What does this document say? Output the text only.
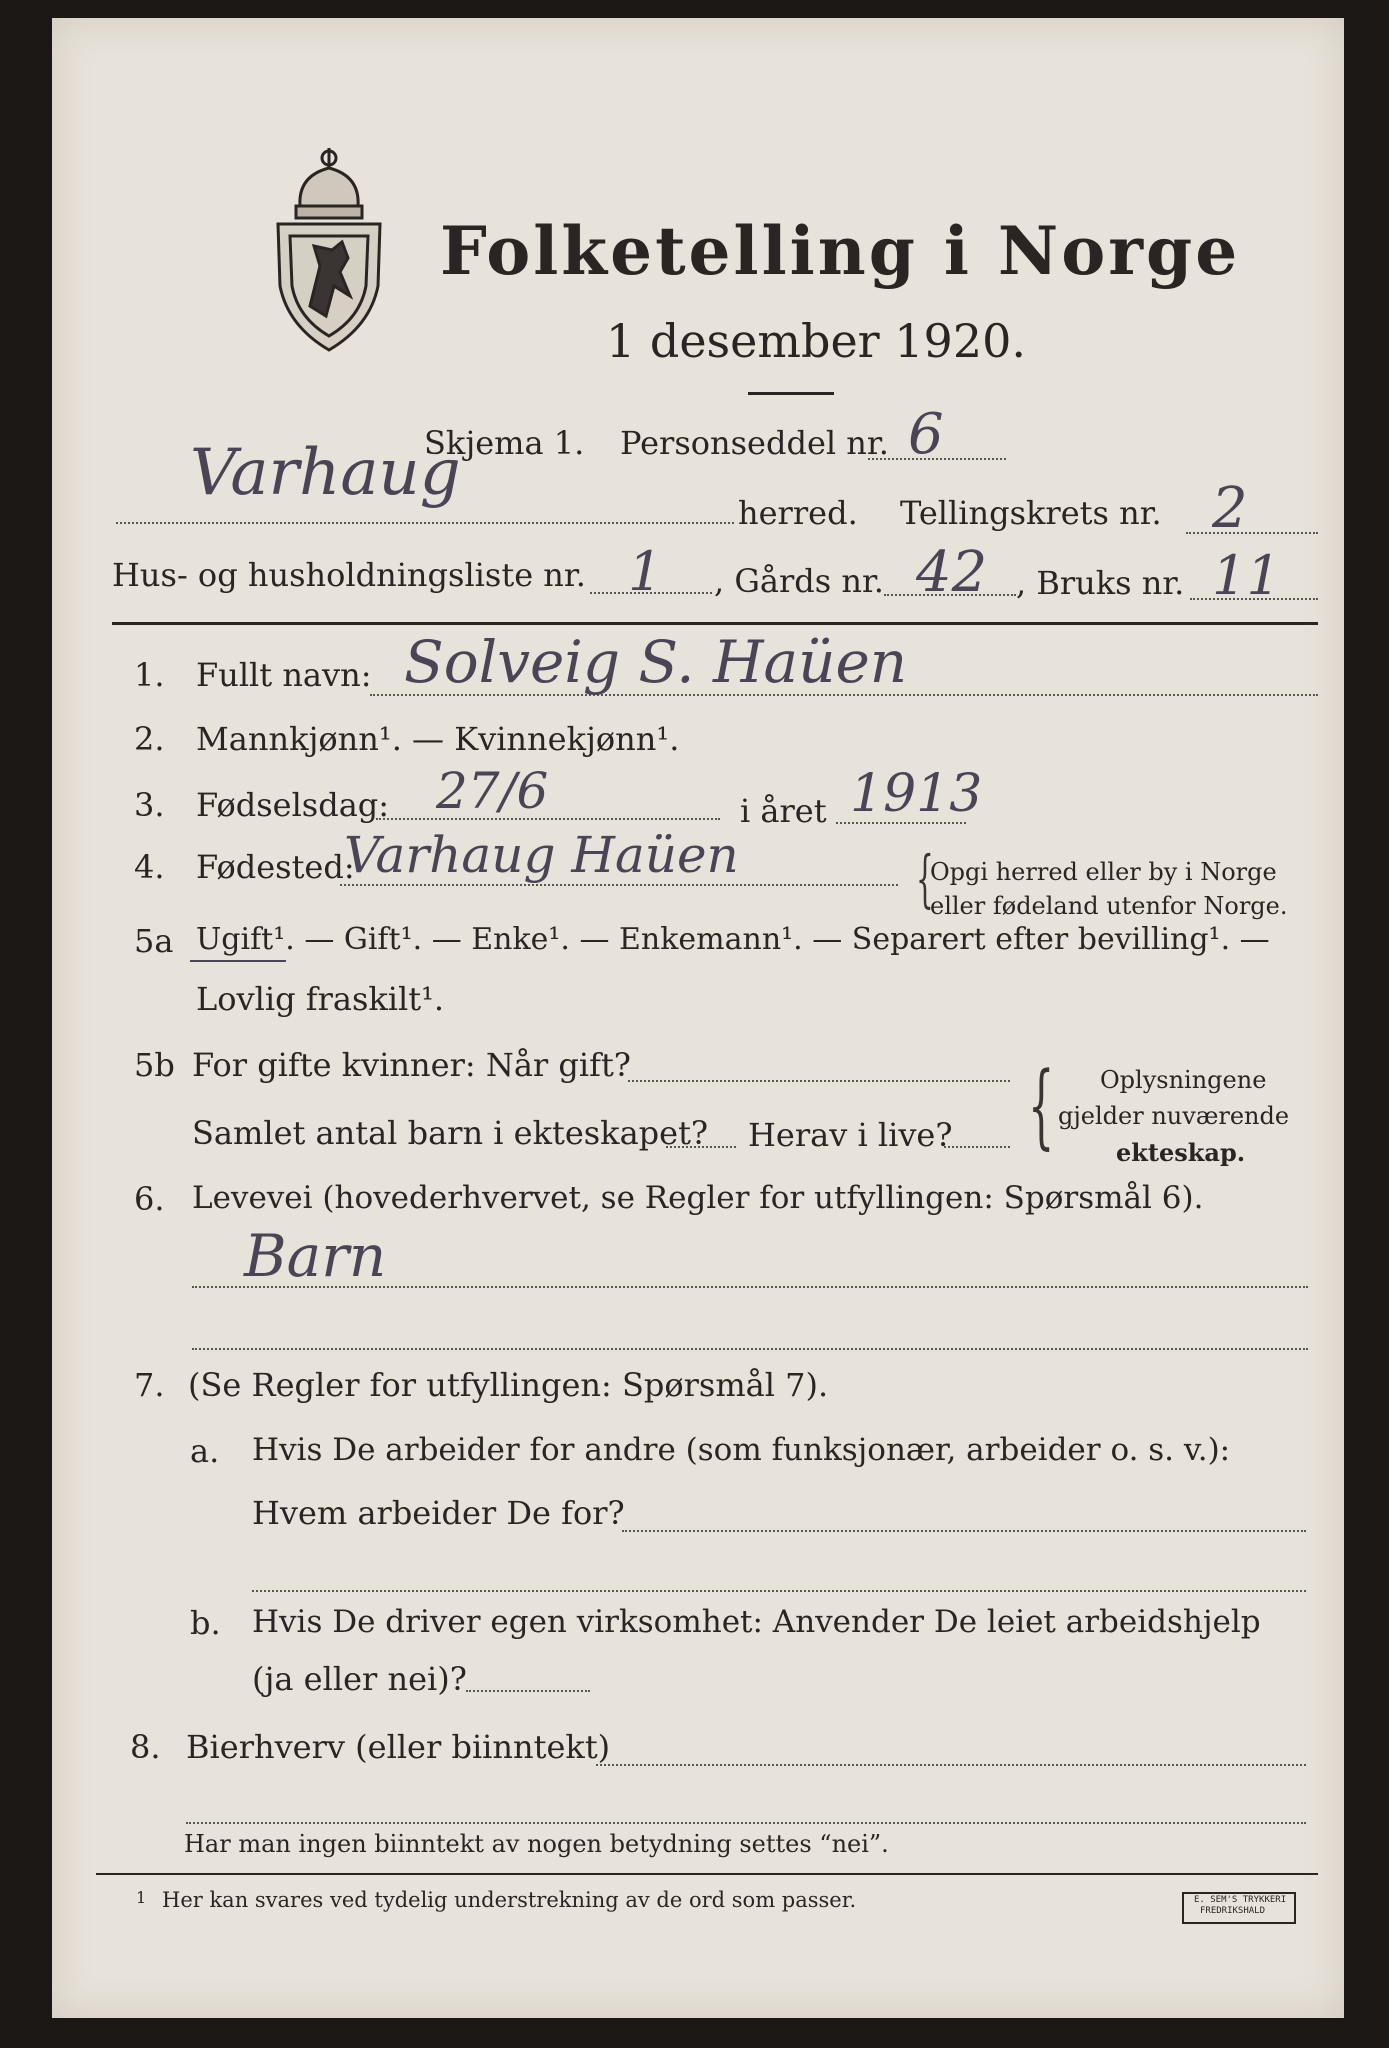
Folketelling i Norge
1 desember 1920.
Skjema 1. Personseddel nr. 6
Varhaug
herred. Tellingskrets nr. 2
Hus- og husholdningsliste nr. 1 , Gårds nr. 42 , Bruks nr. 11
1. Fullt navn: Solveig S. Haüen
2. Mannkjønn¹. — Kvinnekjønn¹.
3. Fødselsdag: 27/6	i året 1913
4. Fødested:
Varhaug Haüen	{
Opgi herred eller by i Norge
eller fødeland utenfor Norge.
5a Ugift¹. — Gift¹. — Enke¹. — Enkemann¹. — Separert efter bevilling¹. —
Lovlig fraskilt¹.
5b For gifte kvinner: Når gift?
Samlet antal barn i ekteskapet? Herav i live? { Oplysningene
gjelder nuværende
ekteskap.
6. Levevei (hovederhvervet, se Regler for utfyllingen: Spørsmål 6).
Barn
7. (Se Regler for utfyllingen: Spørsmål 7).
a. Hvis De arbeider for andre (som funksjonær, arbeider o. s. v.):
Hvem arbeider De for?
b. Hvis De driver egen virksomhet: Anvender De leiet arbeidshjelp
(ja eller nei)?
8. Bierhverv (eller biinntekt)
Har man ingen biinntekt av nogen betydning settes “nei”.
1 Her kan svares ved tydelig understrekning av de ord som passer.	E. SEM'S TRYKKERI
FREDRIKSHALD
